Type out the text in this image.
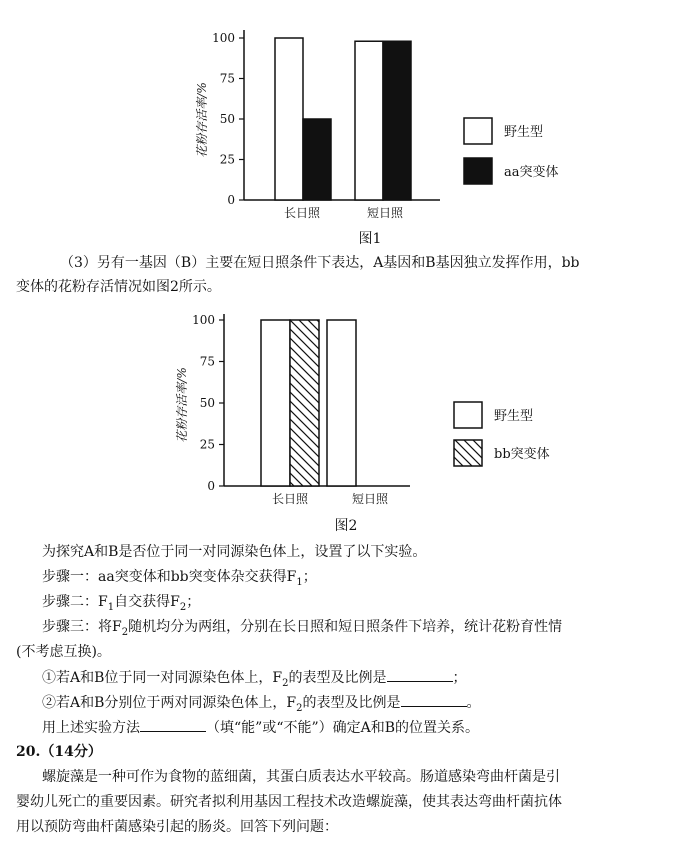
花粉存活率/%
0
25
50
75
100
长日照	短日照
野生型
aa突变体
图1
（3）另有一基因（B）主要在短日照条件下表达，A基因和B基因独立发挥作用，bb
变体的花粉存活情况如图2所示。
花粉存活率/%
0
25
50
75
100
长日照	短日照
野生型
bb突变体
图2
为探究A和B是否位于同一对同源染色体上，设置了以下实验。
步骤一：aa突变体和bb突变体杂交获得$F_1$；
步骤二：$F_1$自交获得$F_2$；
步骤三：将$F_2$随机均分为两组，分别在长日照和短日照条件下培养，统计花粉育性情
(不考虑互换)。
①若A和B位于同一对同源染色体上，$F_2$的表型及比例是	；
②若A和B分别位于两对同源染色体上，$F_2$的表型及比例是	。
用上述实验方法	（填“能”或“不能”）确定A和B的位置关系。
20.（14分）
螺旋藻是一种可作为食物的蓝细菌，其蛋白质表达水平较高。肠道感染弯曲杆菌是引
婴幼儿死亡的重要因素。研究者拟利用基因工程技术改造螺旋藻，使其表达弯曲杆菌抗体
用以预防弯曲杆菌感染引起的肠炎。回答下列问题：
